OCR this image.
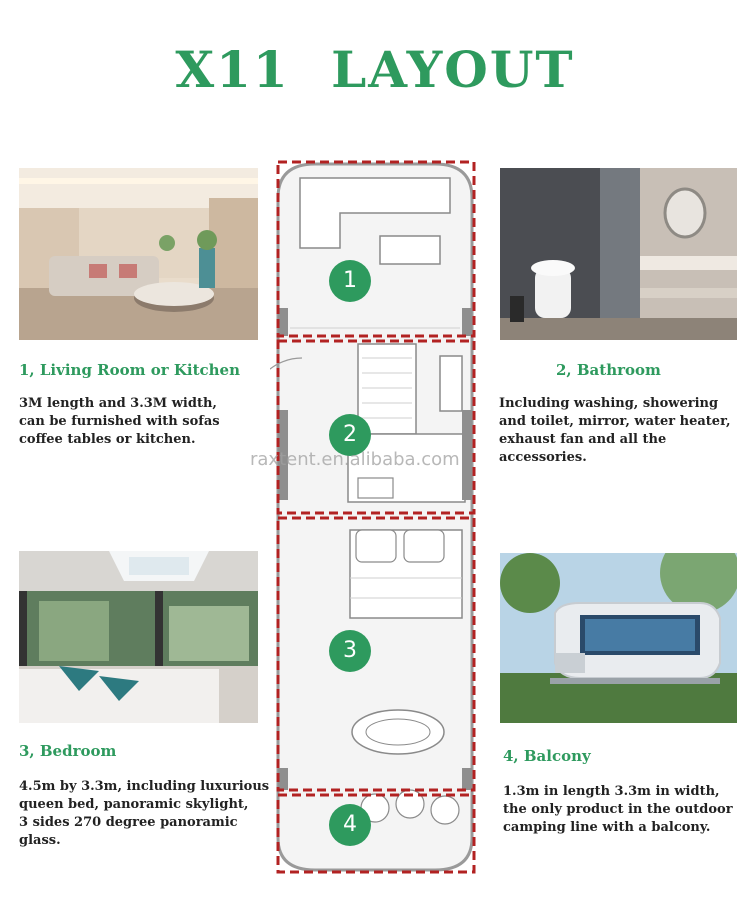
X11 LAYOUT
1, Living Room or Kitchen
3M length and 3.3M width,
can be furnished with sofas
coffee tables or kitchen.
2, Bathroom
Including washing, showering
and toilet, mirror, water heater,
exhaust fan and all the
accessories.
3, Bedroom
4.5m by 3.3m, including luxurious
queen bed, panoramic skylight,
3 sides 270 degree panoramic
glass.
4, Balcony
1.3m in length 3.3m in width,
the only product in the outdoor
camping line with a balcony.
1
2
3
4
raxtent.en.alibaba.com
